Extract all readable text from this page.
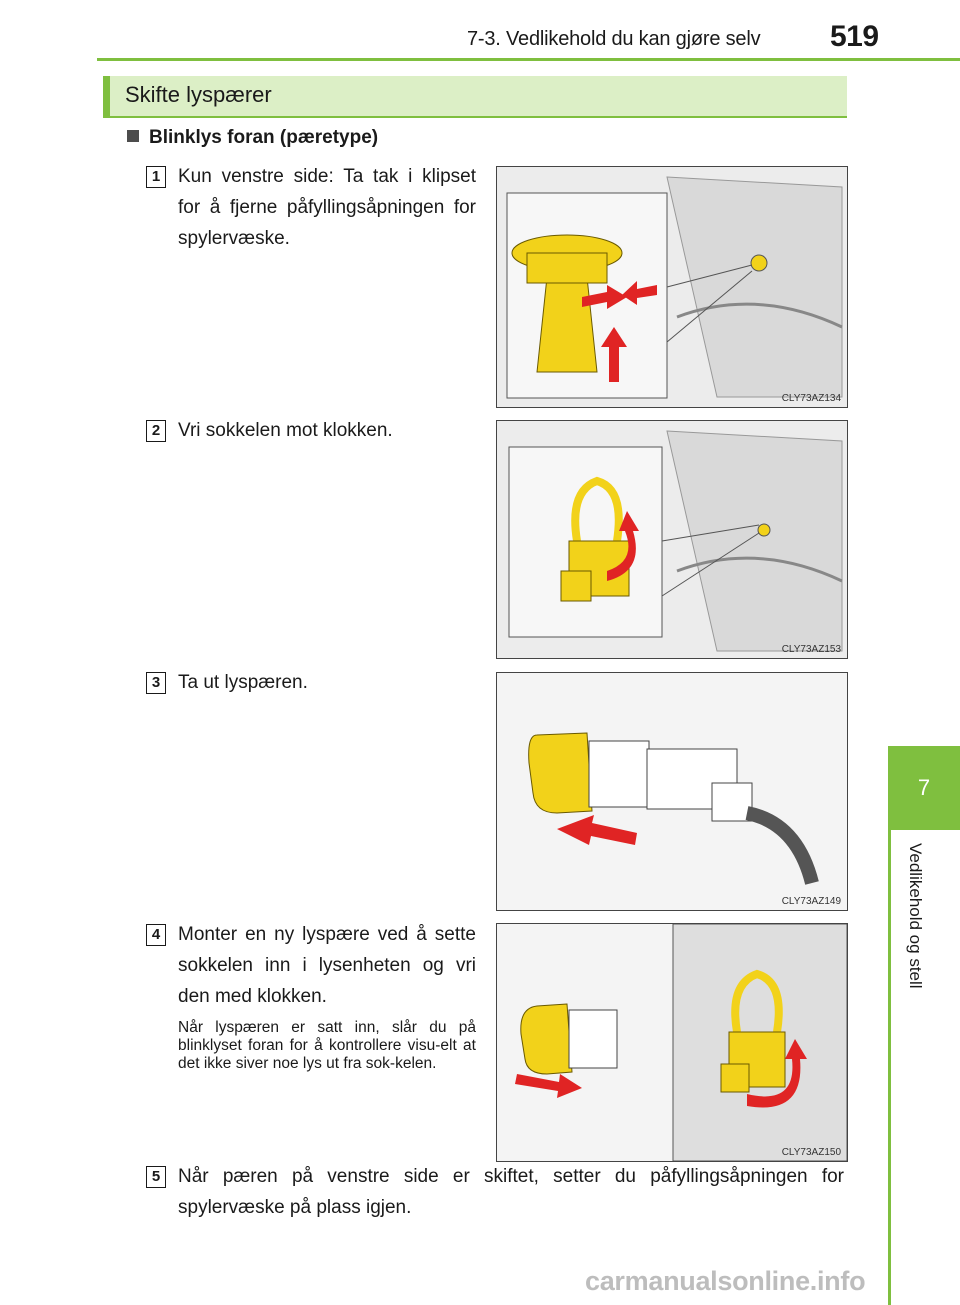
7-3. Vedlikehold du kan gjøre selv 519
Skifte lyspærer
Blinklys foran (pæretype)
1 Kun venstre side: Ta tak i klipset for å fjerne påfyllingsåpningen for spylervæske.
CLY73AZ134
2 Vri sokkelen mot klokken.
CLY73AZ153
3 Ta ut lyspæren.
CLY73AZ149
4 Monter en ny lyspære ved å sette sokkelen inn i lysenheten og vri den med klokken.
Når lyspæren er satt inn, slår du på blinklyset foran for å kontrollere visu-elt at det ikke siver noe lys ut fra sok-kelen.
CLY73AZ150
5 Når pæren på venstre side er skiftet, setter du påfyllingsåpningen for spylervæske på plass igjen.
7
Vedlikehold og stell
carmanualsonline.info
